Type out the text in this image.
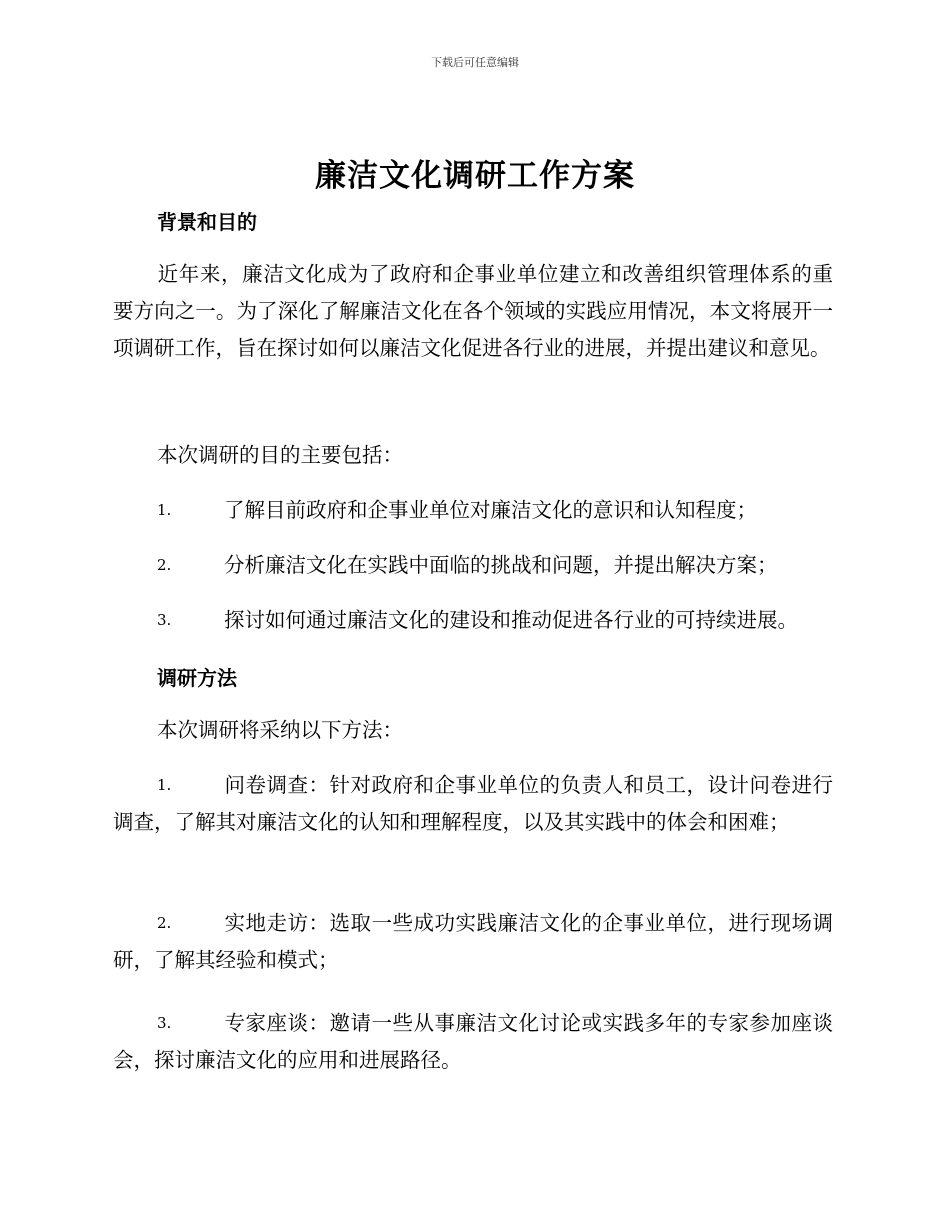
下载后可任意编辑
廉洁文化调研工作方案
背景和目的
近年来，廉洁文化成为了政府和企事业单位建立和改善组织管理体系的重要方向之一。为了深化了解廉洁文化在各个领域的实践应用情况，本文将展开一项调研工作，旨在探讨如何以廉洁文化促进各行业的进展，并提出建议和意见。
本次调研的目的主要包括：
1.	了解目前政府和企事业单位对廉洁文化的意识和认知程度；
2.	分析廉洁文化在实践中面临的挑战和问题，并提出解决方案；
3.	探讨如何通过廉洁文化的建设和推动促进各行业的可持续进展。
调研方法
本次调研将采纳以下方法：
1.	问卷调查：针对政府和企事业单位的负责人和员工，设计问卷进行调查，了解其对廉洁文化的认知和理解程度，以及其实践中的体会和困难；
2.	实地走访：选取一些成功实践廉洁文化的企事业单位，进行现场调研，了解其经验和模式；
3.	专家座谈：邀请一些从事廉洁文化讨论或实践多年的专家参加座谈会，探讨廉洁文化的应用和进展路径。
